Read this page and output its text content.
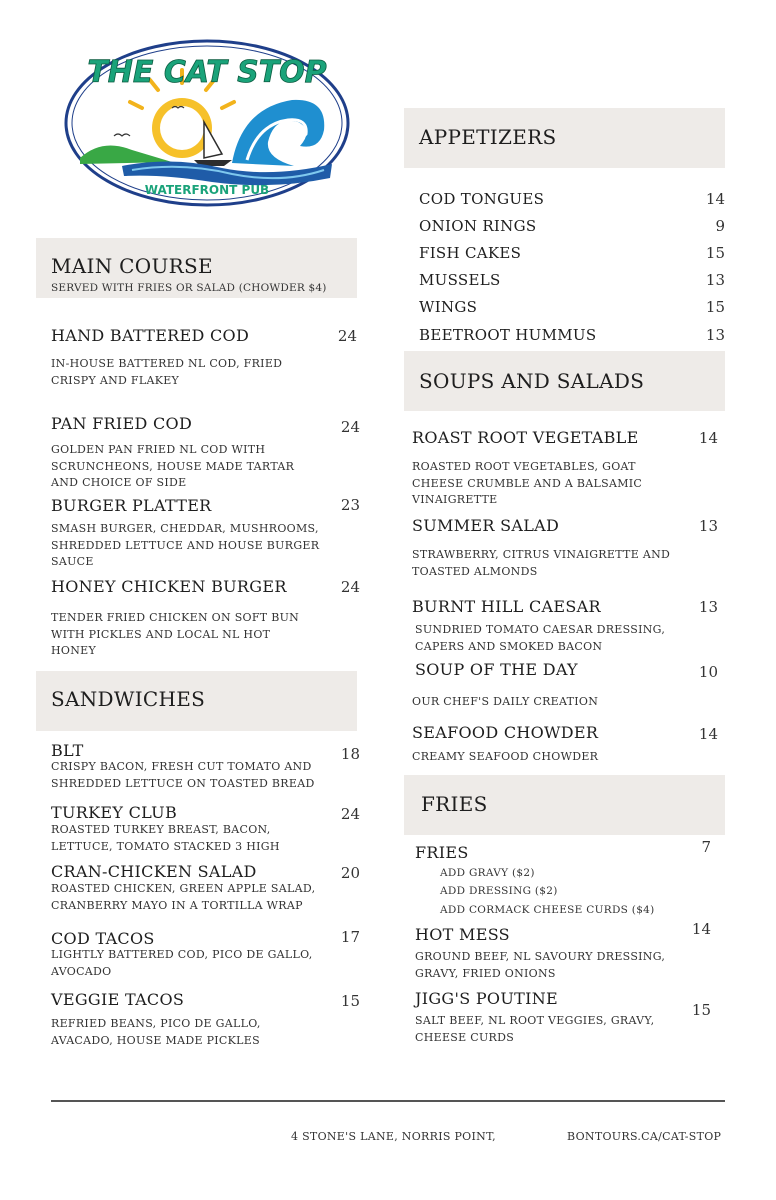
THE CAT STOP
WATERFRONT PUB
MAIN COURSE
SERVED WITH FRIES OR SALAD (CHOWDER $4)
HAND BATTERED COD	24
IN-HOUSE BATTERED NL COD, FRIED
CRISPY AND FLAKEY
PAN FRIED COD	24
GOLDEN PAN FRIED NL COD WITH
SCRUNCHEONS, HOUSE MADE TARTAR
AND CHOICE OF SIDE
BURGER PLATTER	23
SMASH BURGER, CHEDDAR, MUSHROOMS,
SHREDDED LETTUCE AND HOUSE BURGER
SAUCE
HONEY CHICKEN BURGER	24
TENDER FRIED CHICKEN ON SOFT BUN
WITH PICKLES AND LOCAL NL HOT
HONEY
SANDWICHES
BLT	18
CRISPY BACON, FRESH CUT TOMATO AND
SHREDDED LETTUCE ON TOASTED BREAD
TURKEY CLUB	24
ROASTED TURKEY BREAST, BACON,
LETTUCE, TOMATO STACKED 3 HIGH
CRAN-CHICKEN SALAD	20
ROASTED CHICKEN, GREEN APPLE SALAD,
CRANBERRY MAYO IN A TORTILLA WRAP
COD TACOS	17
LIGHTLY BATTERED COD, PICO DE GALLO,
AVOCADO
VEGGIE TACOS	15
REFRIED BEANS, PICO DE GALLO,
AVACADO, HOUSE MADE PICKLES
APPETIZERS
COD TONGUES	14
ONION RINGS	9
FISH CAKES	15
MUSSELS	13
WINGS	15
BEETROOT HUMMUS	13
SOUPS AND SALADS
ROAST ROOT VEGETABLE	14
ROASTED ROOT VEGETABLES, GOAT
CHEESE CRUMBLE AND A BALSAMIC
VINAIGRETTE
SUMMER SALAD	13
STRAWBERRY, CITRUS VINAIGRETTE AND
TOASTED ALMONDS
BURNT HILL CAESAR	13
SUNDRIED TOMATO CAESAR DRESSING,
CAPERS AND SMOKED BACON
SOUP OF THE DAY	10
OUR CHEF'S DAILY CREATION
SEAFOOD CHOWDER	14
CREAMY SEAFOOD CHOWDER
FRIES
FRIES	7
ADD GRAVY ($2)
ADD DRESSING ($2)
ADD CORMACK CHEESE CURDS ($4)
HOT MESS	14
GROUND BEEF, NL SAVOURY DRESSING,
GRAVY, FRIED ONIONS
JIGG'S POUTINE
15
SALT BEEF, NL ROOT VEGGIES, GRAVY,
CHEESE CURDS
4 STONE'S LANE, NORRIS POINT,	BONTOURS.CA/CAT-STOP
